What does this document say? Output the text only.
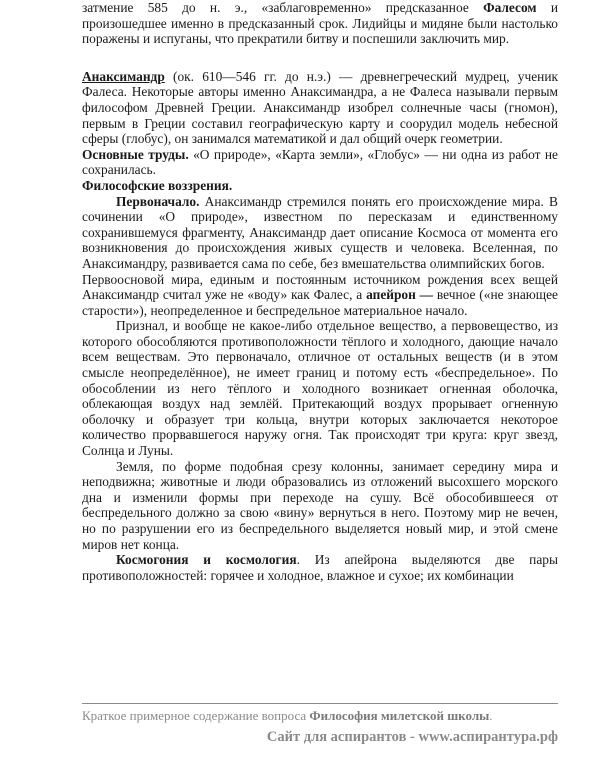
затмение 585 до н. э., «заблаговременно» предсказанное Фалесом и произошедшее именно в предсказанный срок. Лидийцы и мидяне были настолько поражены и испуганы, что прекратили битву и поспешили заключить мир.

Анаксимандр (ок. 610—546 гг. до н.э.) — древнегреческий мудрец, ученик Фалеса. Некоторые авторы именно Анаксимандра, а не Фалеса называли первым философом Древней Греции. Анаксимандр изобрел солнечные часы (гномон), первым в Греции составил географическую карту и соорудил модель небесной сферы (глобус), он занимался математикой и дал общий очерк геометрии.

Основные труды. «О природе», «Карта земли», «Глобус» — ни одна из работ не сохранилась.

Философские воззрения.

Первоначало. Анаксимандр стремился понять его происхождение мира. В сочинении «О природе», известном по пересказам и единственному сохранившемуся фрагменту, Анаксимандр дает описание Космоса от момента его возникновения до происхождения живых существ и человека. Вселенная, по Анаксимандру, развивается сама по себе, без вмешательства олимпийских богов.

Первоосновой мира, единым и постоянным источником рождения всех вещей Анаксимандр считал уже не «воду» как Фалес, а апейрон — вечное («не знающее старости»), неопределенное и беспредельное материальное начало.

Признал, и вообще не какое-либо отдельное вещество, а первовещество, из которого обособляются противоположности тёплого и холодного, дающие начало всем веществам. Это первоначало, отличное от остальных веществ (и в этом смысле неопределённое), не имеет границ и потому есть «беспредельное». По обособлении из него тёплого и холодного возникает огненная оболочка, облекающая воздух над землёй. Притекающий воздух прорывает огненную оболочку и образует три кольца, внутри которых заключается некоторое количество прорвавшегося наружу огня. Так происходят три круга: круг звезд, Солнца и Луны.

Земля, по форме подобная срезу колонны, занимает середину мира и неподвижна; животные и люди образовались из отложений высохшего морского дна и изменили формы при переходе на сушу. Всё обособившееся от беспредельного должно за свою «вину» вернуться в него. Поэтому мир не вечен, но по разрушении его из беспредельного выделяется новый мир, и этой смене миров нет конца.

Космогония и космология. Из апейрона выделяются две пары противоположностей: горячее и холодное, влажное и сухое; их комбинации

Краткое примерное содержание вопроса Философия милетской школы.
Сайт для аспирантов - www.аспирантура.рф
